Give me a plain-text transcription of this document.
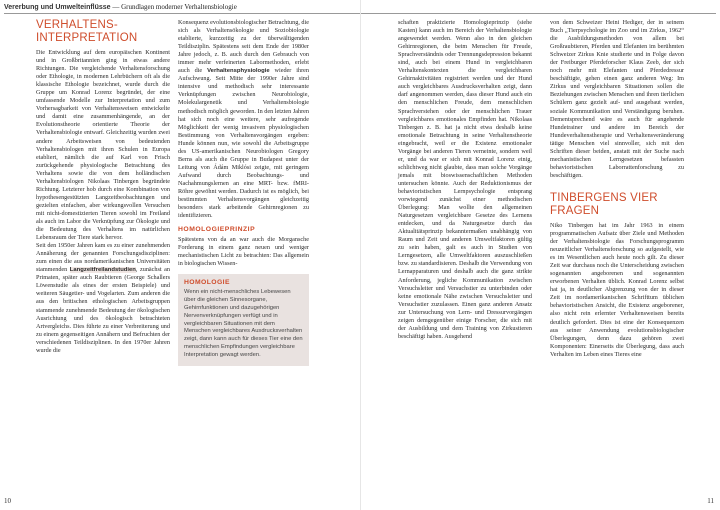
Vererbung und Umwelteinflüsse — Grundlagen moderner Verhaltensbiologie
VERHALTENS-
INTERPRETATION

Die Entwicklung auf dem europäischen Kontinent und in Großbritannien ging in etwas andere Richtungen. Die vergleichende Verhaltensforschung oder Ethologie, in modernen Lehrbüchern oft als die klassische Ethologie bezeichnet, wurde durch die Gruppe um Konrad Lorenz begründet, der eine umfassende Modelle zur Interpretation und zum Vorhersagbarkeit von Verhaltensweisen entwickelte und damit eine zusammenhängende, an der Evolutionstheorie orientierte Theorie der Verhaltensbiologie entwarf. Gleichzeitig wurden zwei andere Arbeitsweisen von bedeutenden Verhaltensbiologen mit ihren Schulen in Europa etabliert, nämlich die auf Karl von Frisch zurückgehende physiologische Betrachtung des Verhaltens sowie die von dem holländischen Verhaltensbiologen Nikolaas Tinbergen begründete Richtung. Letzterer hob durch eine Kombination von hypothesengestützten Langzeitbeobachtungen und gezielten einfachen, aber wirkungsvollen Versuchen mit nicht-domestizierten Tieren sowohl im Freiland als auch im Labor die Verknüpfung zur Ökologie und die Bedeutung des Verhaltens im natürlichen Lebensraum der Tiere stark hervor.

Seit den 1950er Jahren kam es zu einer zunehmenden Annäherung der genannten Forschungsdisziplinen: zum einen die aus nordamerikanischen Universitäten stammenden Langzeitfreilandstudien, zunächst an Primaten, später auch Raubtieren (George Schallers Löwenstudie als eines der ersten Beispiele) und weiteren Säugetier- und Vogelarten. Zum anderen die aus den britischen ethologischen Arbeitsgruppen stammende zunehmende Bedeutung der ökologischen Ausrichtung und des ökologisch betrachteten Artvergleichs. Dies führte zu einer Verbreiterung und zu einem gegenseitigen Annähern und Befruchten der verschiedenen Teildisziplinen. In den 1970er Jahren wurde die

Konsequenz evolutionsbiologischer Betrachtung, die sich als Verhaltensökologie und Soziobiologie etablierte, kurzzeitig zu der überwältigenden Teildisziplin. Spätestens seit dem Ende der 1980er Jahre jedoch, z. B. auch durch den Gebrauch von immer mehr verfeinerten Labormethoden, erlebt auch die Verhaltensphysiologie wieder ihren Aufschwung. Seit Mitte der 1990er Jahre sind intensive und methodisch sehr interessante Verknüpfungen zwischen Neurobiologie, Molekulargenetik und Verhaltensbiologie methodisch möglich geworden. In den letzten Jahren hat sich noch eine weitere, sehr aufregende Möglichkeit der wenig invasiven physiologischen Bestimmung von Verhaltensvorgängen ergeben: Hunde können nun, wie sowohl die Arbeitsgruppe des US-amerikanischen Neurobiologen Gregory Berns als auch die Gruppe in Budapest unter der Leitung von Ádám Miklósi zeigte, mit geringem Aufwand durch Beobachtungs- und Nachahmungslernen an eine MRT- bzw. fMRI-Röhre gewöhnt werden. Dadurch ist es möglich, bei bestimmten Verhaltensvorgängen gleichzeitig besonders stark arbeitende Gehirnregionen zu identifizieren.

HOMOLOGIEPRINZIP

Spätestens von da an war auch die Morgansche Forderung in einem ganz neuen und weniger mechanistischen Licht zu betrachten: Das allgemein in biologischen Wissen-

HOMOLOGIE
Wenn ein nicht-menschliches Lebewesen über die gleichen Sinnesorgane, Gehirnfunktionen und dazugehörigen Nervenverknüpfungen verfügt und in vergleichbaren Situationen mit dem Menschen vergleichbares Ausdrucksverhalten zeigt, dann kann auch für dieses Tier eine den menschlichen Empfindungen vergleichbare Interpretation gewagt werden.

schaften praktizierte Homologieprinzip (siehe Kasten) kann auch im Bereich der Verhaltensbiologie angewendet werden. Wenn also in den gleichen Gehirnregionen, die beim Menschen für Freude, Sprachverständnis oder Trennungsdepression bekannt sind, auch bei einem Hund in vergleichbaren Verhaltenskontexten die vergleichbaren Gehirnaktivitäten registriert werden und der Hund auch vergleichbares Ausdrucksverhalten zeigt, dann darf angenommen werden, dass dieser Hund auch ein den menschlichen Freude, dem menschlichen Sprachverstehen oder der menschlichen Trauer vergleichbares emotionales Empfinden hat. Nikolaas Tinbergen z. B. hat ja nicht etwa deshalb keine emotionale Betrachtung in seine Verhaltenstheorie eingebracht, weil er die Existenz emotionaler Vorgänge bei anderen Tieren verneinte, sondern weil er, und da war er sich mit Konrad Lorenz einig, schlichtweg nicht glaubte, dass man solche Vorgänge jemals mit bioswissenschaftlichen Methoden untersuchen könnte. Auch der Reduktionismus der behavioristischen Lernpsychologie entsprang vorwiegend zunächst einer methodischen Überlegung: Man wollte den allgemeinen Naturgesetzen vergleichbare Gesetze des Lernens entdecken, und da Naturgesetze durch das Aktualitätsprinzip bekanntermaßen unabhängig von Raum und Zeit und anderen Umweltfaktoren gültig zu sein haben, galt es auch in Studien von Lerngesetzen, alle Umweltfaktoren auszuschließen bzw. zu standardisieren. Deshalb die Verwendung von Lernapparaturen und deshalb auch die ganz strikte Anforderung, jegliche Kommunikation zwischen Versuchsleiter und Versuchstier zu unterbinden oder keine emotionale Nähe zwischen Versuchsleiter und Versuchstier zuzulassen. Einen ganz anderen Ansatz zur Untersuchung von Lern- und Dressurvorgängen zeigen demgegenüber einige Forscher, die sich mit der Ausbildung und dem Training von Zirkustieren beschäftigt haben. Ausgehend

von dem Schweizer Heini Hediger, der in seinem Buch „Tierpsychologie im Zoo und im Zirkus, 1962“ die Ausbildungsmethoden von allem bei Großraubtieren, Pferden und Elefanten im berühmten Schweizer Zirkus Knie studierte und in Folge davon der Freiburger Pferdeforscher Klaus Zeeb, der sich noch mehr mit Elefanten und Pferdedressur beschäftigte, gehen einen ganz anderen Weg: Im Zirkus und vergleichbaren Situationen sollen die Beziehungen zwischen Menschen und ihren tierlichen Schülern ganz gezielt auf- und ausgebaut werden, soziale Kommunikation und Verständigung beruhen. Dementsprechend wäre es auch für angehende Hundetrainer und andere im Bereich der Hundeverhaltenstherapie und Verhaltensveränderung tätige Menschen viel sinnvoller, sich mit den Schriften dieser beiden, anstatt mit der Suche nach mechanistischen Lerngesetzen befassten behavioristischen Laborrattenforschung zu beschäftigen.

TINBERGENS VIER
FRAGEN

Niko Tinbergen hat im Jahr 1963 in einem programmatischen Aufsatz über Ziele und Methoden der Verhaltensbiologie das Forschungsprogramm neuzeitlicher Verhaltensforschung so aufgestellt, wie es im Wesentlichen auch heute noch gilt. Zu dieser Zeit war durchaus noch die Unterscheidung zwischen sogenannten angeborenen und sogenannten erworbenen Verhalten üblich. Konrad Lorenz selbst hat ja, in deutlicher Abgrenzung von der in dieser Zeit im nordamerikanischen Schrifttum üblichen behavioristischen Ansicht, die Existenz angeborener, also nicht rein erlernter Verhaltensweisen bereits deutlich gefordert. Dies ist eine der Konsequenzen aus seiner Anwendung evolutionsbiologischer Überlegungen, denn dazu gehören zwei Komponenten: Einerseits die Überlegung, dass auch Verhalten im Leben eines Tieres eine

10	11
